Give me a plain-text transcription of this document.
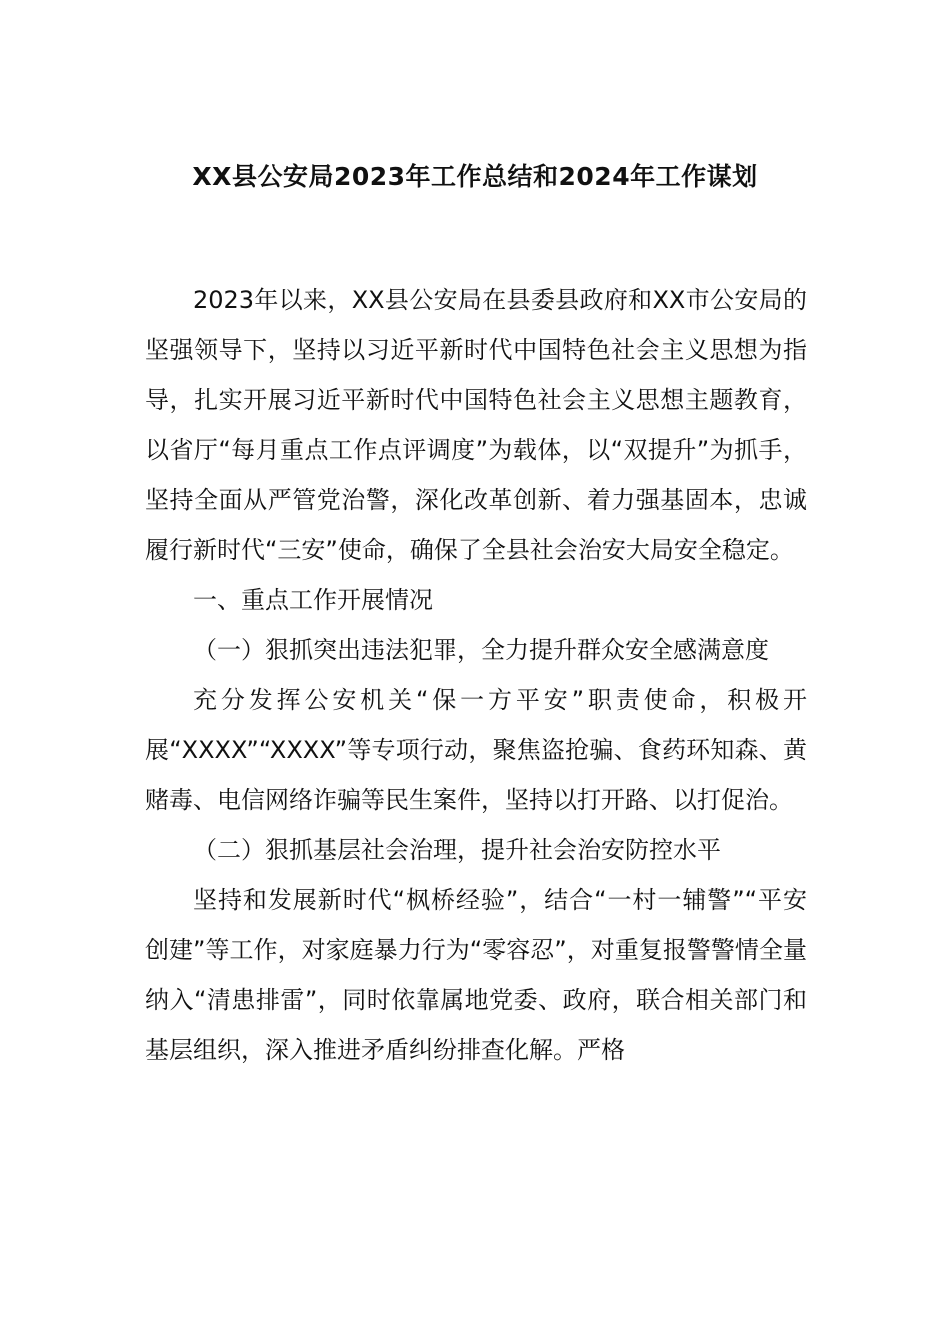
XX县公安局2023年工作总结和2024年工作谋划

2023年以来，XX县公安局在县委县政府和XX市公安局的坚强领导下，坚持以习近平新时代中国特色社会主义思想为指导，扎实开展习近平新时代中国特色社会主义思想主题教育，以省厅“每月重点工作点评调度”为载体，以“双提升”为抓手，坚持全面从严管党治警，深化改革创新、着力强基固本，忠诚履行新时代“三安”使命，确保了全县社会治安大局安全稳定。

一、重点工作开展情况

（一）狠抓突出违法犯罪，全力提升群众安全感满意度

充分发挥公安机关“保一方平安”职责使命，积极开展“XXXX”“XXXX”等专项行动，聚焦盗抢骗、食药环知森、黄赌毒、电信网络诈骗等民生案件，坚持以打开路、以打促治。

（二）狠抓基层社会治理，提升社会治安防控水平

坚持和发展新时代“枫桥经验”，结合“一村一辅警”“平安创建”等工作，对家庭暴力行为“零容忍”，对重复报警警情全量纳入“清患排雷”，同时依靠属地党委、政府，联合相关部门和基层组织，深入推进矛盾纠纷排查化解。严格
